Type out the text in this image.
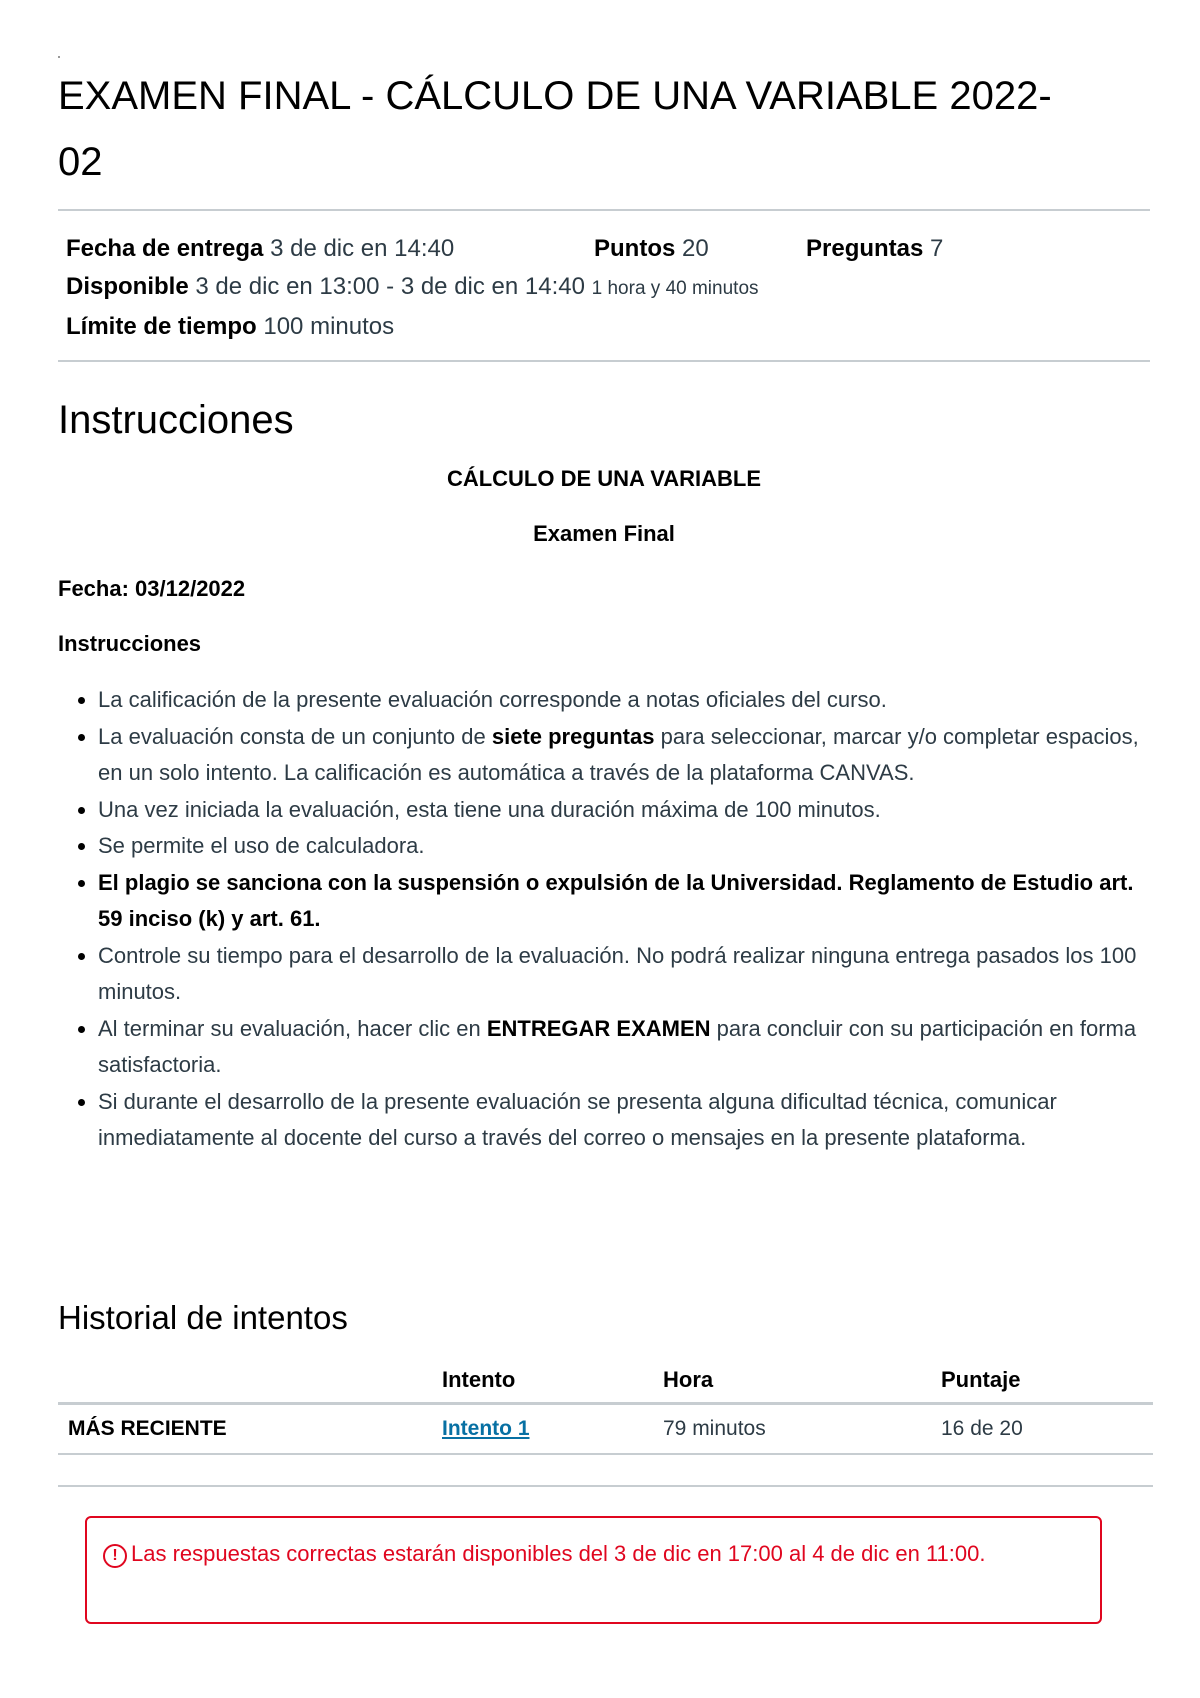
EXAMEN FINAL - CÁLCULO DE UNA VARIABLE 2022-02
Fecha de entrega 3 de dic en 14:40	Puntos 20	Preguntas 7
Disponible 3 de dic en 13:00 - 3 de dic en 14:40 1 hora y 40 minutos
Límite de tiempo 100 minutos
Instrucciones

CÁLCULO DE UNA VARIABLE

Examen Final

Fecha: 03/12/2022

Instrucciones

• La calificación de la presente evaluación corresponde a notas oficiales del curso.
• La evaluación consta de un conjunto de siete preguntas para seleccionar, marcar y/o completar espacios, en un solo intento. La calificación es automática a través de la plataforma CANVAS.
• Una vez iniciada la evaluación, esta tiene una duración máxima de 100 minutos.
• Se permite el uso de calculadora.
• El plagio se sanciona con la suspensión o expulsión de la Universidad. Reglamento de Estudio art. 59 inciso (k) y art. 61.
• Controle su tiempo para el desarrollo de la evaluación. No podrá realizar ninguna entrega pasados los 100 minutos.
• Al terminar su evaluación, hacer clic en ENTREGAR EXAMEN para concluir con su participación en forma satisfactoria.
• Si durante el desarrollo de la presente evaluación se presenta alguna dificultad técnica, comunicar inmediatamente al docente del curso a través del correo o mensajes en la presente plataforma.
Historial de intentos
	Intento	Hora	Puntaje
MÁS RECIENTE	Intento 1	79 minutos	16 de 20
! Las respuestas correctas estarán disponibles del 3 de dic en 17:00 al 4 de dic en 11:00.
